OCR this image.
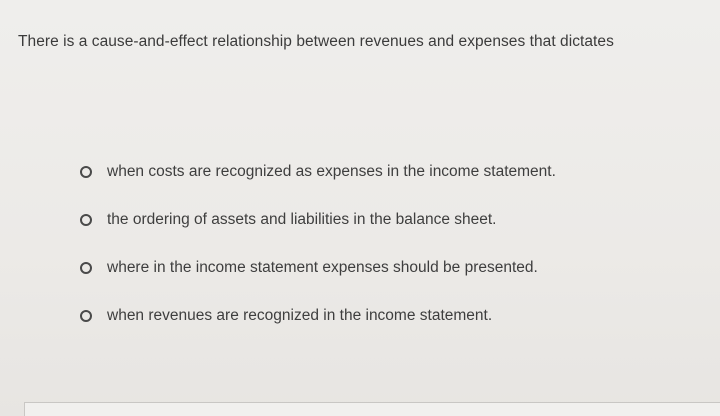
There is a cause-and-effect relationship between revenues and expenses that dictates
when costs are recognized as expenses in the income statement.
the ordering of assets and liabilities in the balance sheet.
where in the income statement expenses should be presented.
when revenues are recognized in the income statement.
